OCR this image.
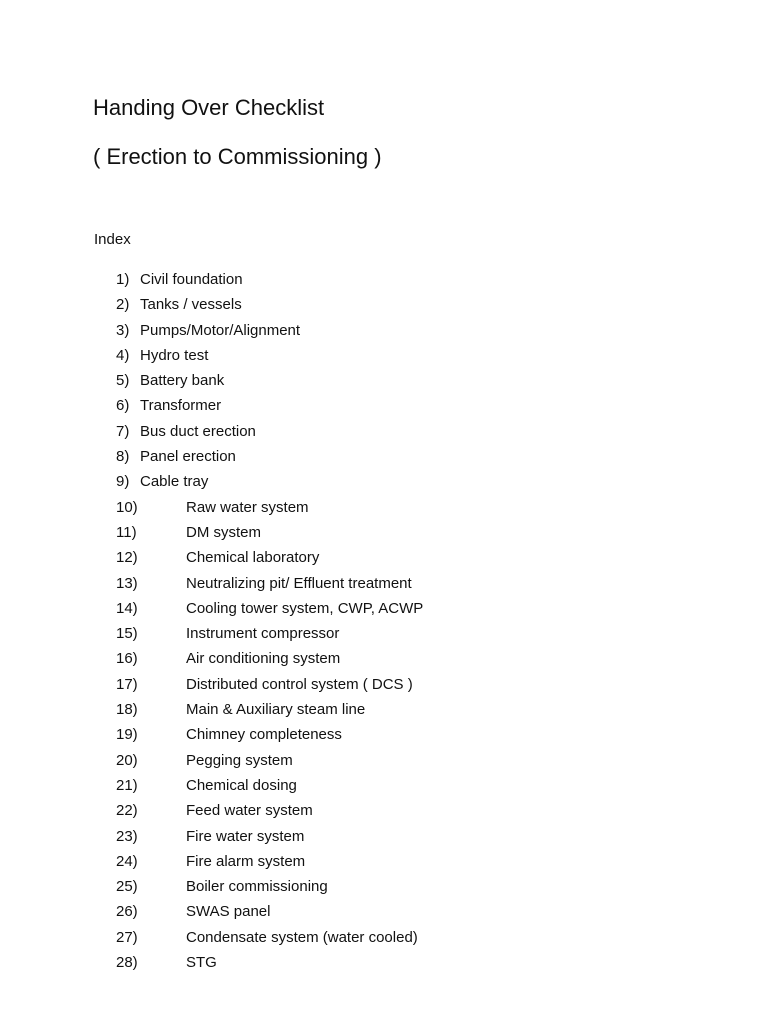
Handing Over Checklist
( Erection to Commissioning )
Index
1) Civil foundation
2) Tanks / vessels
3) Pumps/Motor/Alignment
4) Hydro test
5) Battery bank
6) Transformer
7) Bus duct erection
8) Panel erection
9) Cable tray
10)	Raw water system
11)	DM system
12)	Chemical laboratory
13)	Neutralizing pit/ Effluent treatment
14)	Cooling tower system, CWP, ACWP
15)	Instrument compressor
16)	Air conditioning system
17)	Distributed control system ( DCS )
18)	Main & Auxiliary steam line
19)	Chimney completeness
20)	Pegging system
21)	Chemical dosing
22)	Feed water system
23)	Fire water system
24)	Fire alarm system
25)	Boiler commissioning
26)	SWAS panel
27)	Condensate system (water cooled)
28)	STG
